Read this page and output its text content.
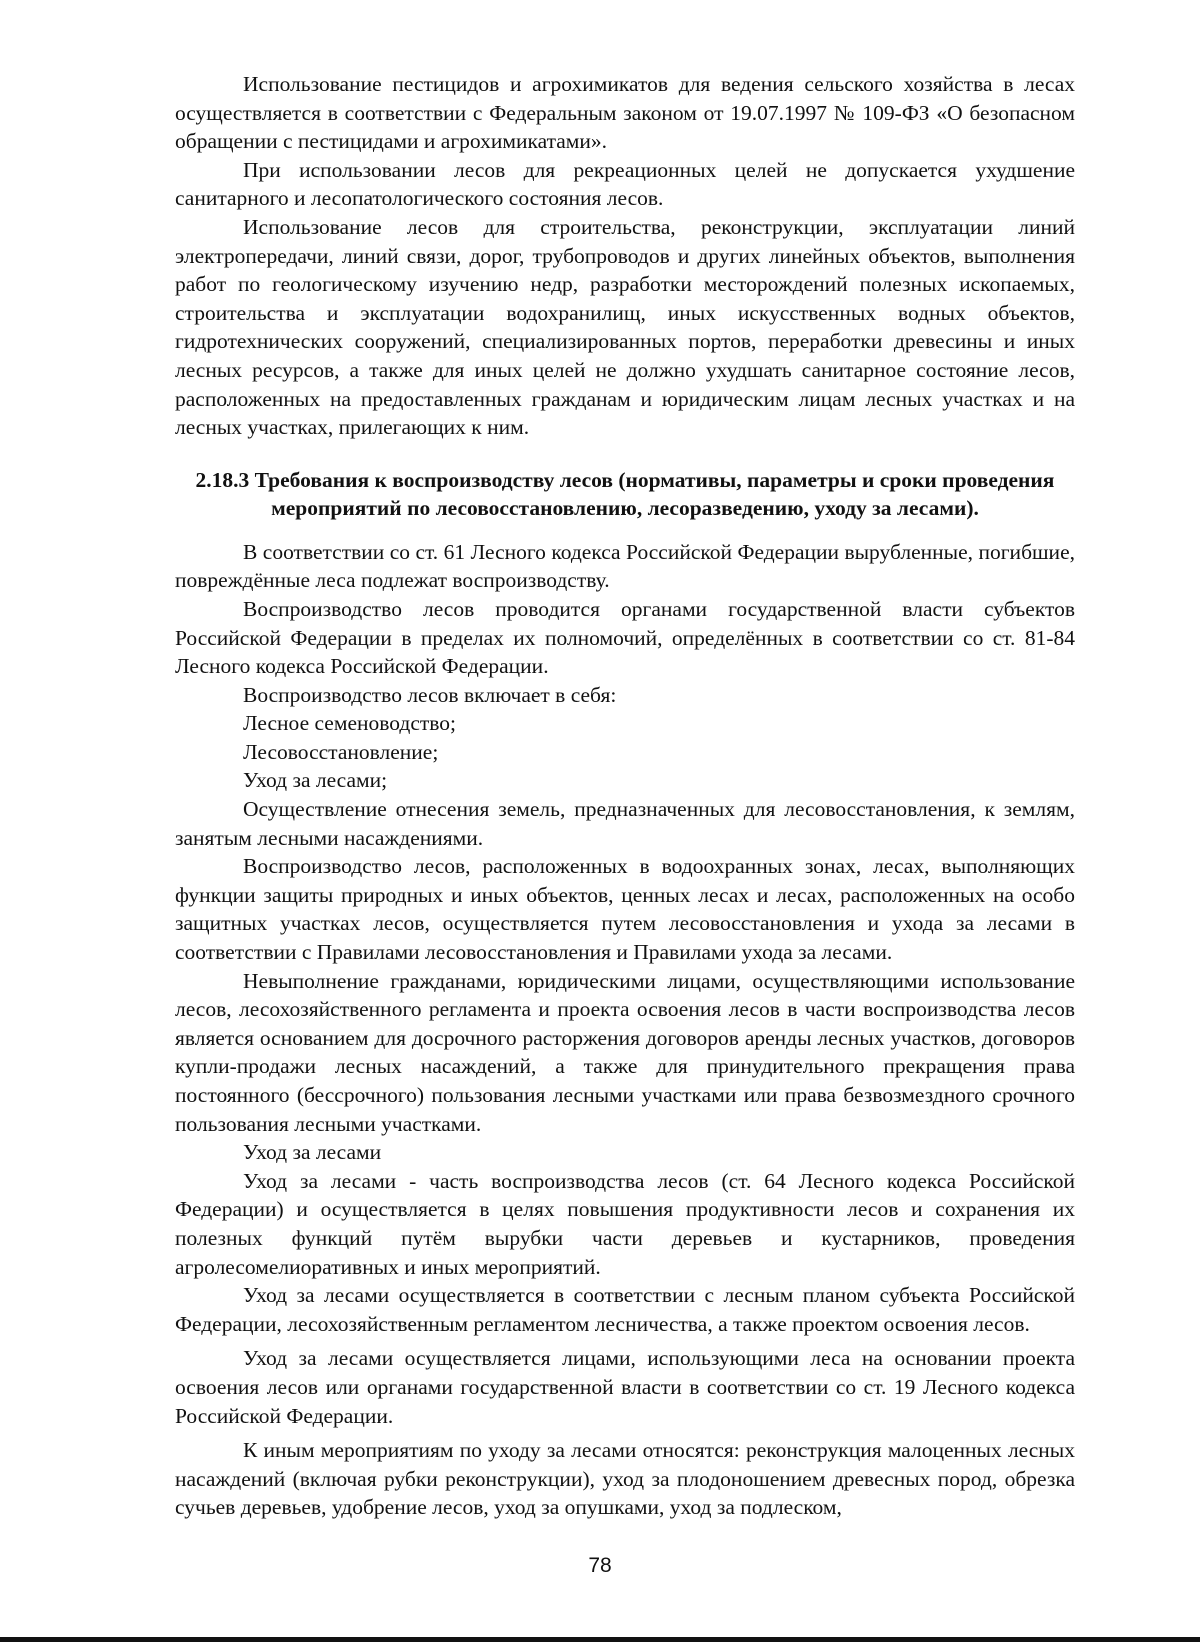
Использование пестицидов и агрохимикатов для ведения сельского хозяйства в лесах осуществляется в соответствии с Федеральным законом от 19.07.1997 № 109-ФЗ «О безопасном обращении с пестицидами и агрохимикатами».

При использовании лесов для рекреационных целей не допускается ухудшение санитарного и лесопатологического состояния лесов.

Использование лесов для строительства, реконструкции, эксплуатации линий электропередачи, линий связи, дорог, трубопроводов и других линейных объектов, выполнения работ по геологическому изучению недр, разработки месторождений полезных ископаемых, строительства и эксплуатации водохранилищ, иных искусственных водных объектов, гидротехнических сооружений, специализированных портов, переработки древесины и иных лесных ресурсов, а также для иных целей не должно ухудшать санитарное состояние лесов, расположенных на предоставленных гражданам и юридическим лицам лесных участках и на лесных участках, прилегающих к ним.

2.18.3 Требования к воспроизводству лесов (нормативы, параметры и сроки проведения мероприятий по лесовосстановлению, лесоразведению, уходу за лесами).

В соответствии со ст. 61 Лесного кодекса Российской Федерации вырубленные, погибшие, повреждённые леса подлежат воспроизводству.

Воспроизводство лесов проводится органами государственной власти субъектов Российской Федерации в пределах их полномочий, определённых в соответствии со ст. 81-84 Лесного кодекса Российской Федерации.

Воспроизводство лесов включает в себя:

Лесное семеноводство;

Лесовосстановление;

Уход за лесами;

Осуществление отнесения земель, предназначенных для лесовосстановления, к землям, занятым лесными насаждениями.

Воспроизводство лесов, расположенных в водоохранных зонах, лесах, выполняющих функции защиты природных и иных объектов, ценных лесах и лесах, расположенных на особо защитных участках лесов, осуществляется путем лесовосстановления и ухода за лесами в соответствии с Правилами лесовосстановления и Правилами ухода за лесами.

Невыполнение гражданами, юридическими лицами, осуществляющими использование лесов, лесохозяйственного регламента и проекта освоения лесов в части воспроизводства лесов является основанием для досрочного расторжения договоров аренды лесных участков, договоров купли-продажи лесных насаждений, а также для принудительного прекращения права постоянного (бессрочного) пользования лесными участками или права безвозмездного срочного пользования лесными участками.

Уход за лесами

Уход за лесами - часть воспроизводства лесов (ст. 64 Лесного кодекса Российской Федерации) и осуществляется в целях повышения продуктивности лесов и сохранения их полезных функций путём вырубки части деревьев и кустарников, проведения агролесомелиоративных и иных мероприятий.

Уход за лесами осуществляется в соответствии с лесным планом субъекта Российской Федерации, лесохозяйственным регламентом лесничества, а также проектом освоения лесов.

Уход за лесами осуществляется лицами, использующими леса на основании проекта освоения лесов или органами государственной власти в соответствии со ст. 19 Лесного кодекса Российской Федерации.

К иным мероприятиям по уходу за лесами относятся: реконструкция малоценных лесных насаждений (включая рубки реконструкции), уход за плодоношением древесных пород, обрезка сучьев деревьев, удобрение лесов, уход за опушками, уход за подлеском,

78
